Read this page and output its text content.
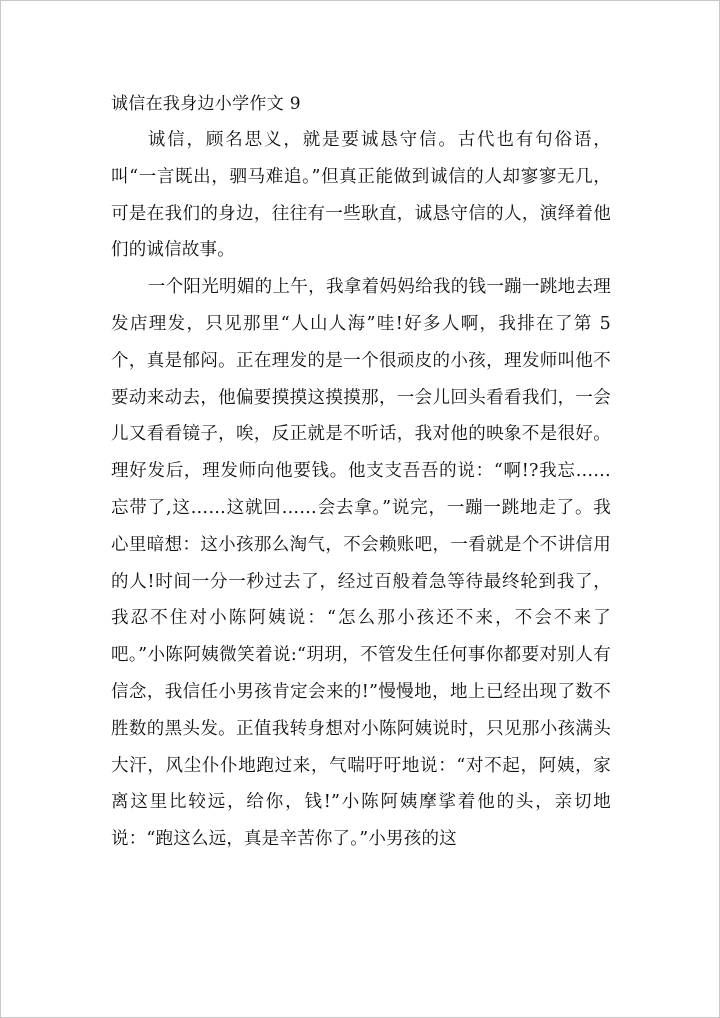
诚信在我身边小学作文 9

诚信，顾名思义，就是要诚恳守信。古代也有句俗语，叫“一言既出，驷马难追。”但真正能做到诚信的人却寥寥无几，可是在我们的身边，往往有一些耿直，诚恳守信的人，演绎着他们的诚信故事。

一个阳光明媚的上午，我拿着妈妈给我的钱一蹦一跳地去理发店理发，只见那里“人山人海”哇!好多人啊，我排在了第 5 个，真是郁闷。正在理发的是一个很顽皮的小孩，理发师叫他不要动来动去，他偏要摸摸这摸摸那，一会儿回头看看我们，一会儿又看看镜子，唉，反正就是不听话，我对他的映象不是很好。理好发后，理发师向他要钱。他支支吾吾的说：“啊!?我忘……忘带了,这……这就回……会去拿。”说完，一蹦一跳地走了。我心里暗想：这小孩那么淘气，不会赖账吧，一看就是个不讲信用的人!时间一分一秒过去了，经过百般着急等待最终轮到我了，我忍不住对小陈阿姨说：“怎么那小孩还不来，不会不来了吧。”小陈阿姨微笑着说:“玥玥，不管发生任何事你都要对别人有信念，我信任小男孩肯定会来的!”慢慢地，地上已经出现了数不胜数的黑头发。正值我转身想对小陈阿姨说时，只见那小孩满头大汗，风尘仆仆地跑过来，气喘吁吁地说：“对不起，阿姨，家离这里比较远，给你，钱!”小陈阿姨摩挲着他的头，亲切地说：“跑这么远，真是辛苦你了。”小男孩的这
